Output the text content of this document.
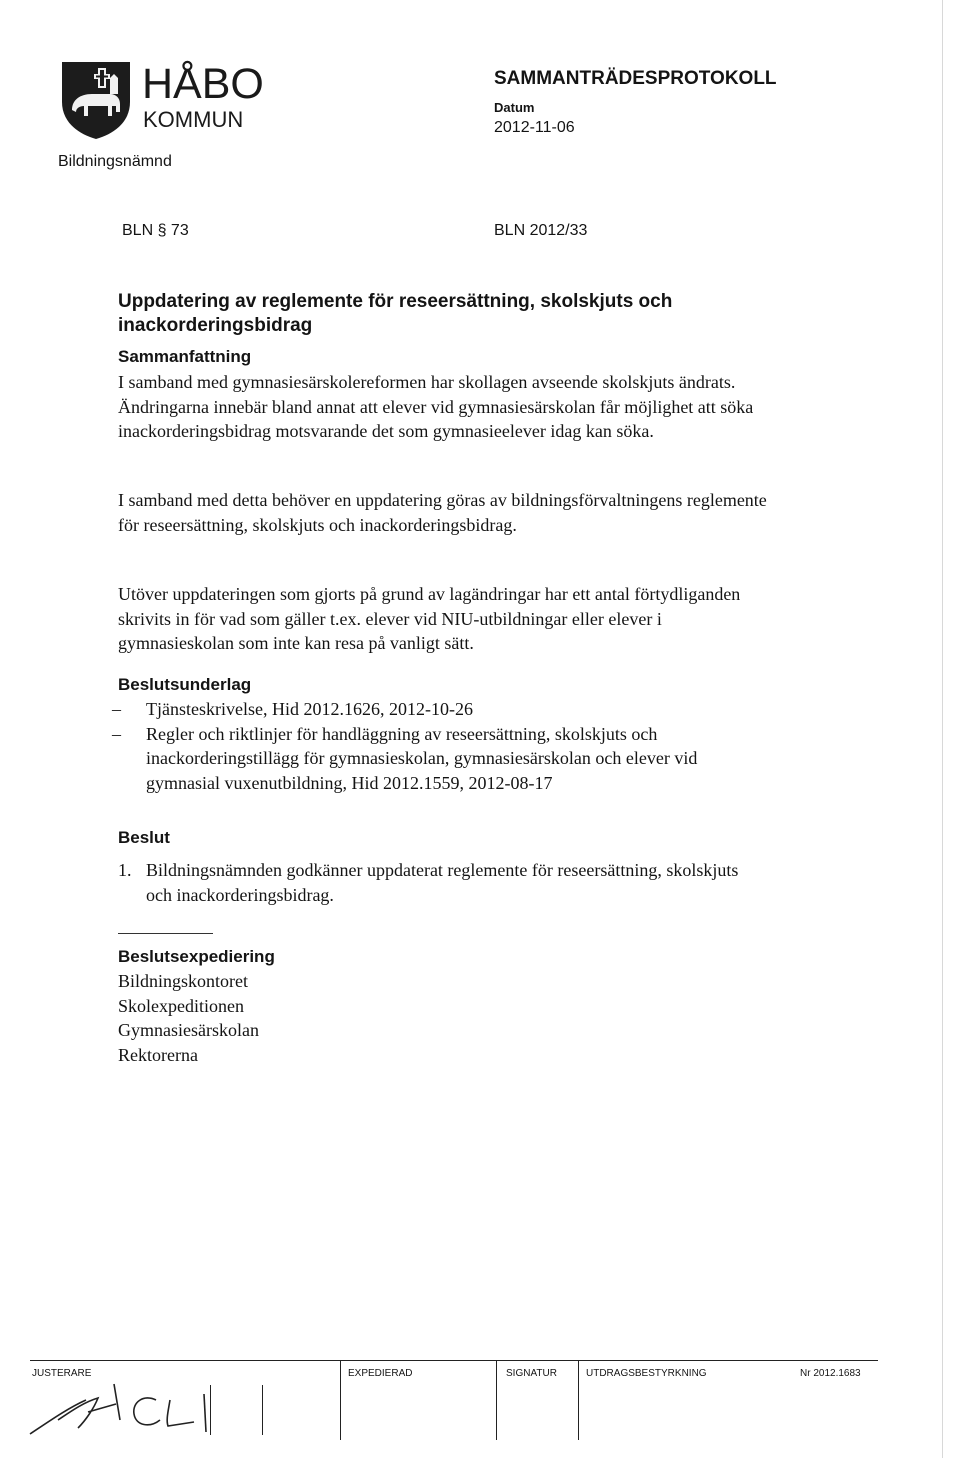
HÅBO
KOMMUN
Bildningsnämnd
SAMMANTRÄDESPROTOKOLL
Datum
2012-11-06
BLN § 73	BLN 2012/33
Uppdatering av reglemente för reseersättning, skolskjuts och
inackorderingsbidrag
Sammanfattning

I samband med gymnasiesärskolereformen har skollagen avseende skolskjuts ändrats. Ändringarna innebär bland annat att elever vid gymnasiesärskolan får möjlighet att söka inackorderingsbidrag motsvarande det som gymnasieelever idag kan söka.

I samband med detta behöver en uppdatering göras av bildningsförvaltningens reglemente för reseersättning, skolskjuts och inackorderingsbidrag.

Utöver uppdateringen som gjorts på grund av lagändringar har ett antal förtydliganden skrivits in för vad som gäller t.ex. elever vid NIU-utbildningar eller elever i gymnasieskolan som inte kan resa på vanligt sätt.

Beslutsunderlag
– Tjänsteskrivelse, Hid 2012.1626, 2012-10-26
– Regler och riktlinjer för handläggning av reseersättning, skolskjuts och inackorderingstillägg för gymnasieskolan, gymnasiesärskolan och elever vid gymnasial vuxenutbildning, Hid 2012.1559, 2012-08-17
Beslut
1. Bildningsnämnden godkänner uppdaterat reglemente för reseersättning, skolskjuts och inackorderingsbidrag.
Beslutsexpediering
Bildningskontoret
Skolexpeditionen
Gymnasiesärskolan
Rektorerna
JUSTERARE	EXPEDIERAD	SIGNATUR	UTDRAGSBESTYRKNING	Nr 2012.1683
